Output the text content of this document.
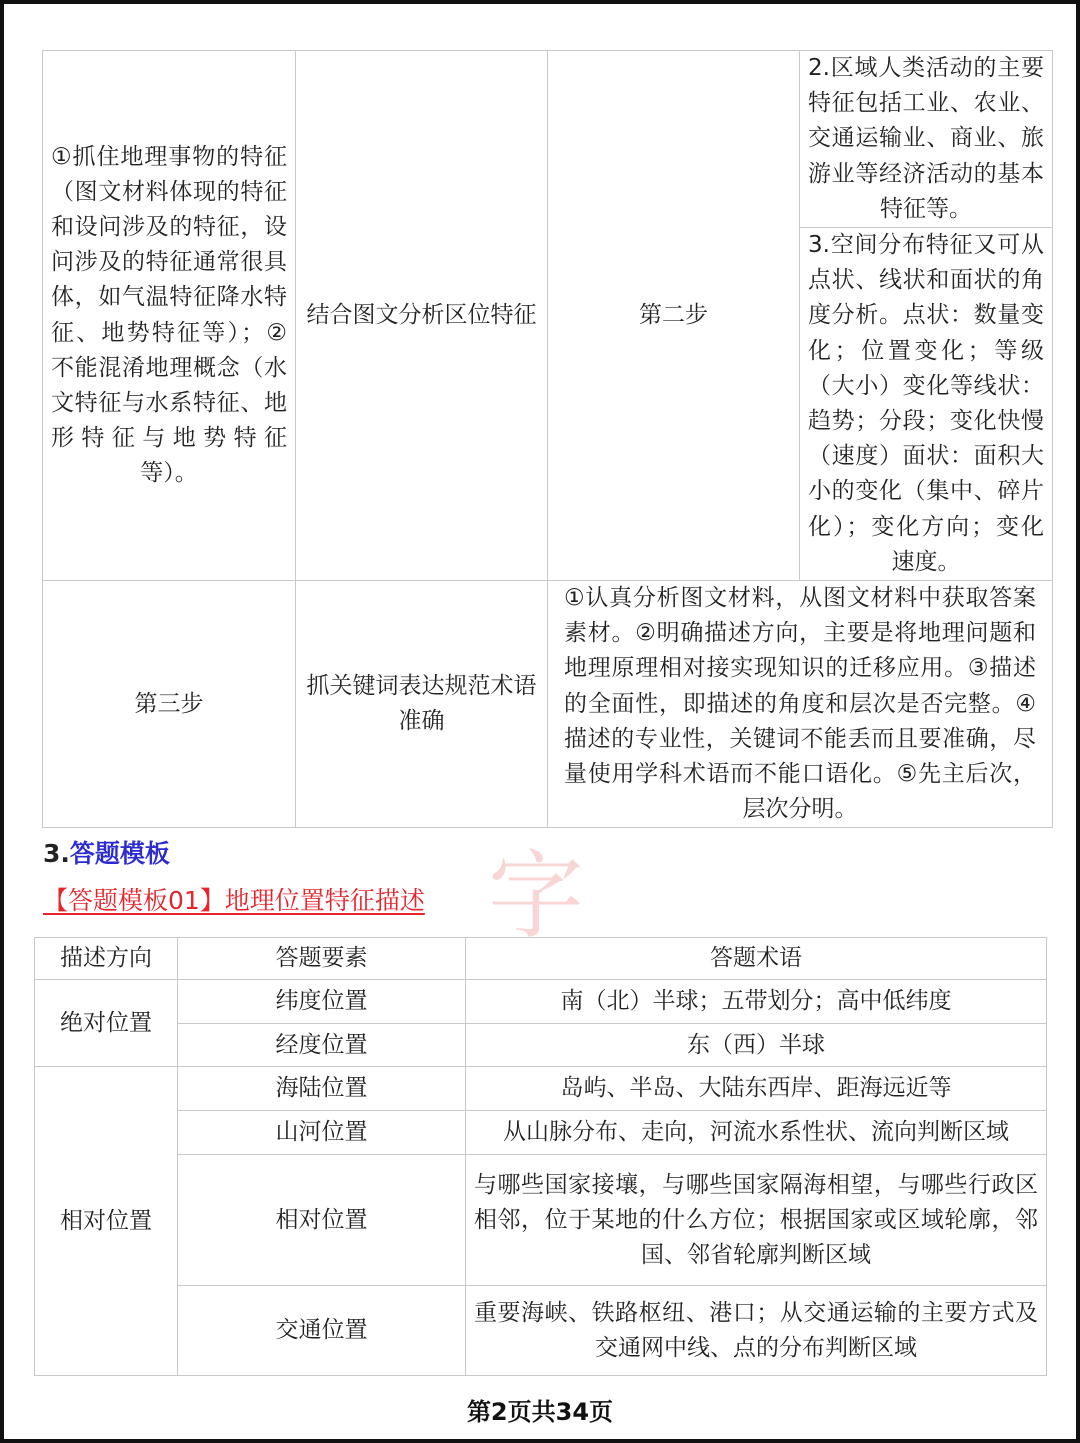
①抓住地理事物的特征（图文材料体现的特征和设问涉及的特征，设问涉及的特征通常很具体，如气温特征降水特征、地势特征等）；②不能混淆地理概念（水文特征与水系特征、地形特征与地势特征等）。	结合图文分析区位特征	第二步	2.区域人类活动的主要特征包括工业、农业、交通运输业、商业、旅游业等经济活动的基本特征等。
			3.空间分布特征又可从点状、线状和面状的角度分析。点状：数量变化；位置变化；等级（大小）变化等线状：趋势；分段；变化快慢（速度）面状：面积大小的变化（集中、碎片化）；变化方向；变化速度。
第三步	抓关键词表达规范术语准确	①认真分析图文材料，从图文材料中获取答案素材。②明确描述方向，主要是将地理问题和地理原理相对接实现知识的迁移应用。③描述的全面性，即描述的角度和层次是否完整。④描述的专业性，关键词不能丢而且要准确，尽量使用学科术语而不能口语化。⑤先主后次，层次分明。	
字
3.答题模板
【答题模板01】地理位置特征描述
描述方向	答题要素	答题术语
绝对位置	纬度位置	南（北）半球；五带划分；高中低纬度
	经度位置	东（西）半球
相对位置	海陆位置	岛屿、半岛、大陆东西岸、距海远近等
	山河位置	从山脉分布、走向，河流水系性状、流向判断区域
	相对位置	与哪些国家接壤，与哪些国家隔海相望，与哪些行政区相邻，位于某地的什么方位；根据国家或区域轮廓，邻国、邻省轮廓判断区域
	交通位置	重要海峡、铁路枢纽、港口；从交通运输的主要方式及交通网中线、点的分布判断区域
第2页共34页
